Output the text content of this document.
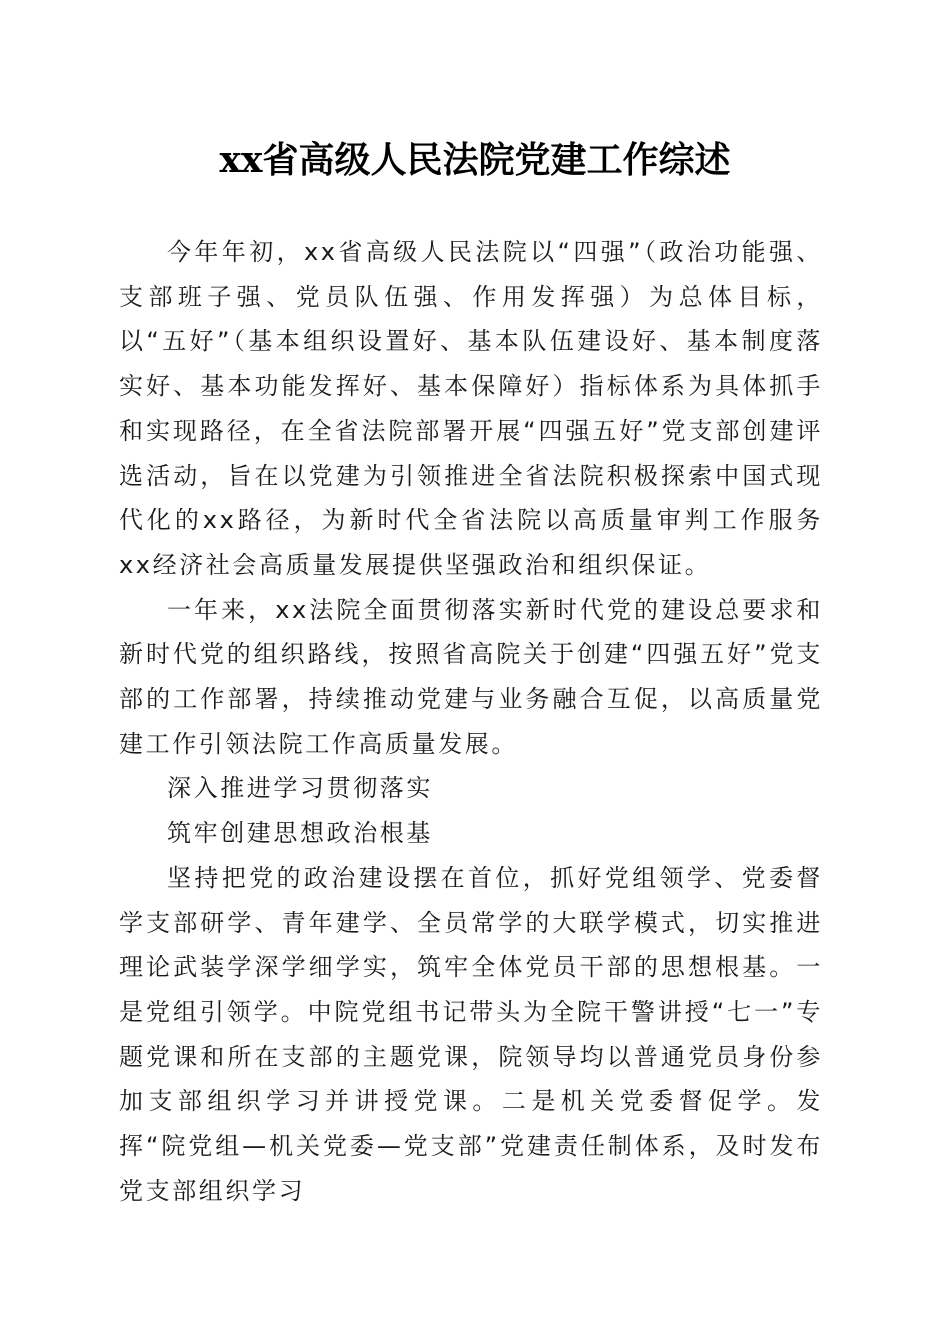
xx省高级人民法院党建工作综述

今年年初，xx省高级人民法院以“四强”（政治功能强、支部班子强、党员队伍强、作用发挥强）为总体目标，以“五好”（基本组织设置好、基本队伍建设好、基本制度落实好、基本功能发挥好、基本保障好）指标体系为具体抓手和实现路径，在全省法院部署开展“四强五好”党支部创建评选活动，旨在以党建为引领推进全省法院积极探索中国式现代化的xx路径，为新时代全省法院以高质量审判工作服务xx经济社会高质量发展提供坚强政治和组织保证。

一年来，xx法院全面贯彻落实新时代党的建设总要求和新时代党的组织路线，按照省高院关于创建“四强五好”党支部的工作部署，持续推动党建与业务融合互促，以高质量党建工作引领法院工作高质量发展。

深入推进学习贯彻落实

筑牢创建思想政治根基

坚持把党的政治建设摆在首位，抓好党组领学、党委督学支部研学、青年建学、全员常学的大联学模式，切实推进理论武装学深学细学实，筑牢全体党员干部的思想根基。一是党组引领学。中院党组书记带头为全院干警讲授“七一”专题党课和所在支部的主题党课，院领导均以普通党员身份参加支部组织学习并讲授党课。二是机关党委督促学。发挥“院党组—机关党委—党支部”党建责任制体系，及时发布党支部组织学习
